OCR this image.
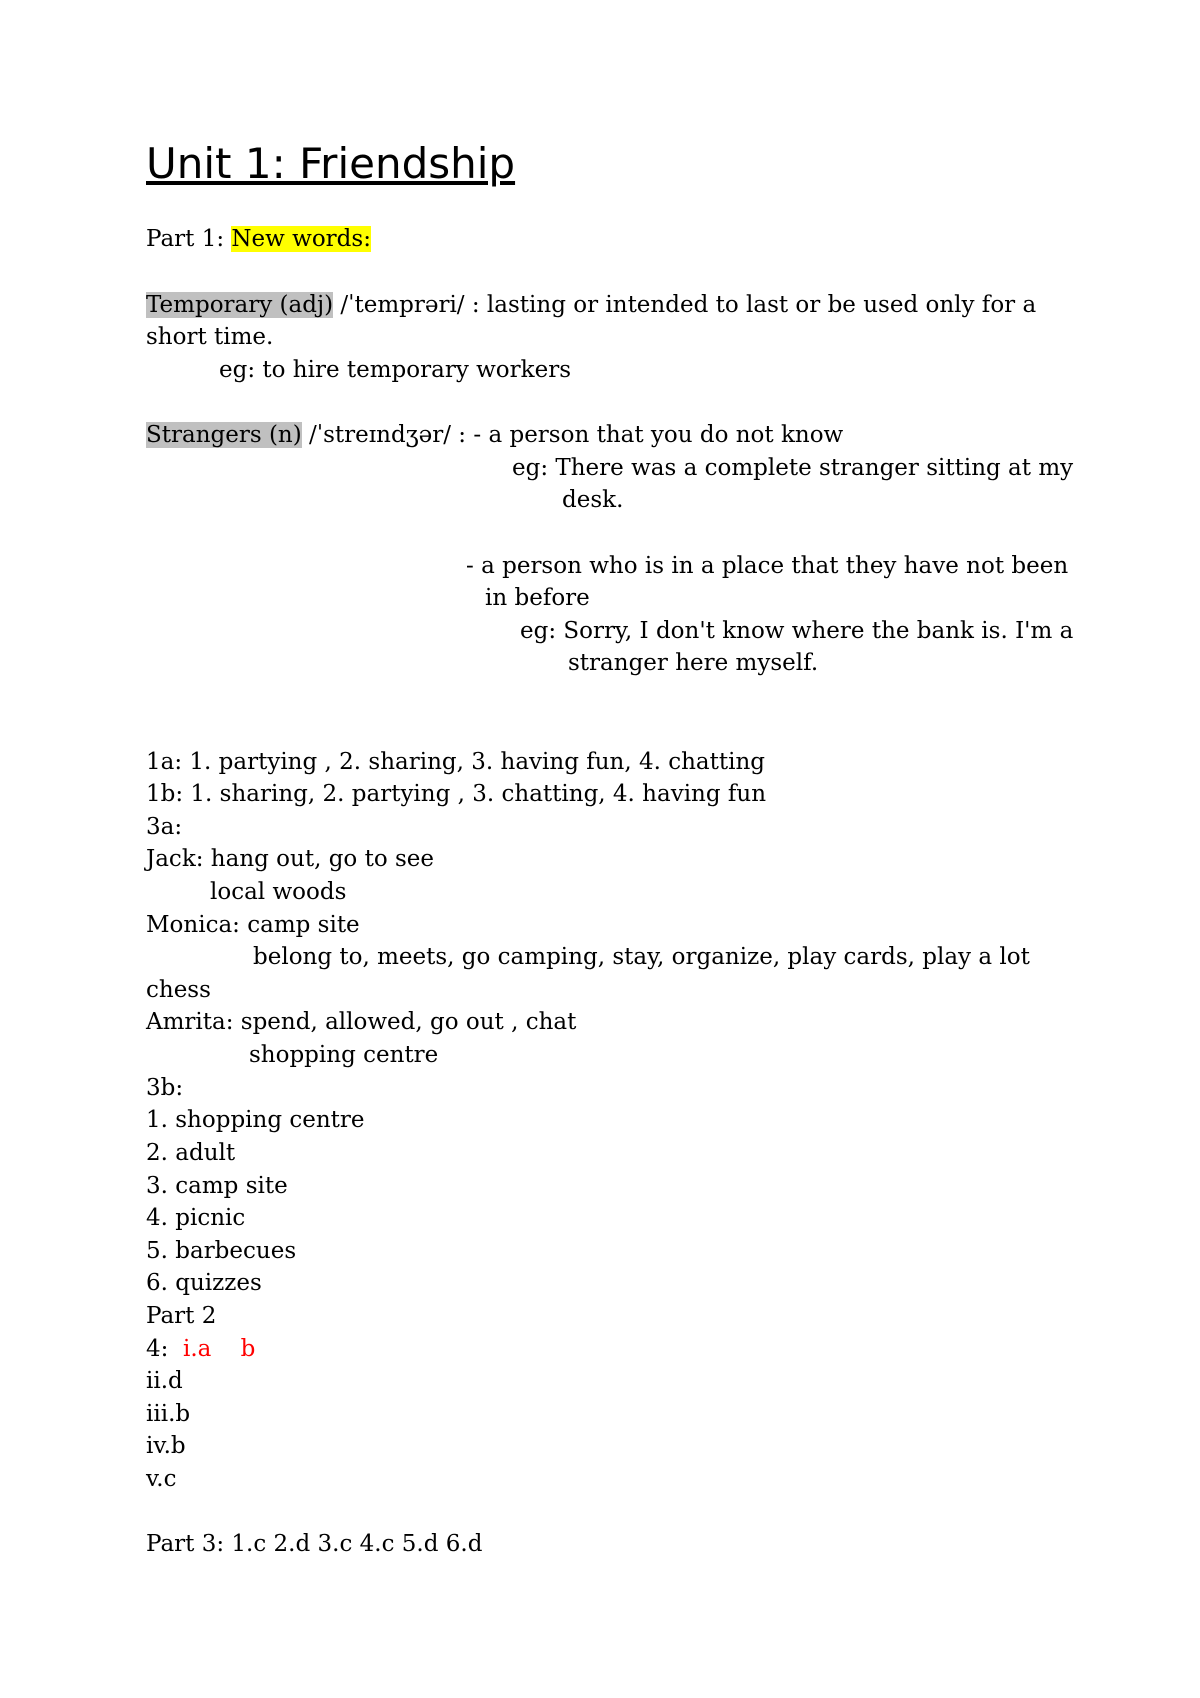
Unit 1: Friendship
Part 1: New words:
Temporary (adj) /ˈtemprəri/ : lasting or intended to last or be used only for a
short time.
eg: to hire temporary workers
Strangers (n) /ˈstreɪndʒər/ : - a person that you do not know
eg: There was a complete stranger sitting at my
desk.
- a person who is in a place that they have not been
in before
eg: Sorry, I don't know where the bank is. I'm a
stranger here myself.
1a: 1. partying , 2. sharing, 3. having fun, 4. chatting
1b: 1. sharing, 2. partying , 3. chatting, 4. having fun
3a:
Jack: hang out, go to see
local woods
Monica: camp site
belong to, meets, go camping, stay, organize, play cards, play a lot
chess
Amrita: spend, allowed, go out , chat
shopping centre
3b:
1. shopping centre
2. adult
3. camp site
4. picnic
5. barbecues
6. quizzes
Part 2
4:  i.a    b
ii.d
iii.b
iv.b
v.c
Part 3: 1.c 2.d 3.c 4.c 5.d 6.d
